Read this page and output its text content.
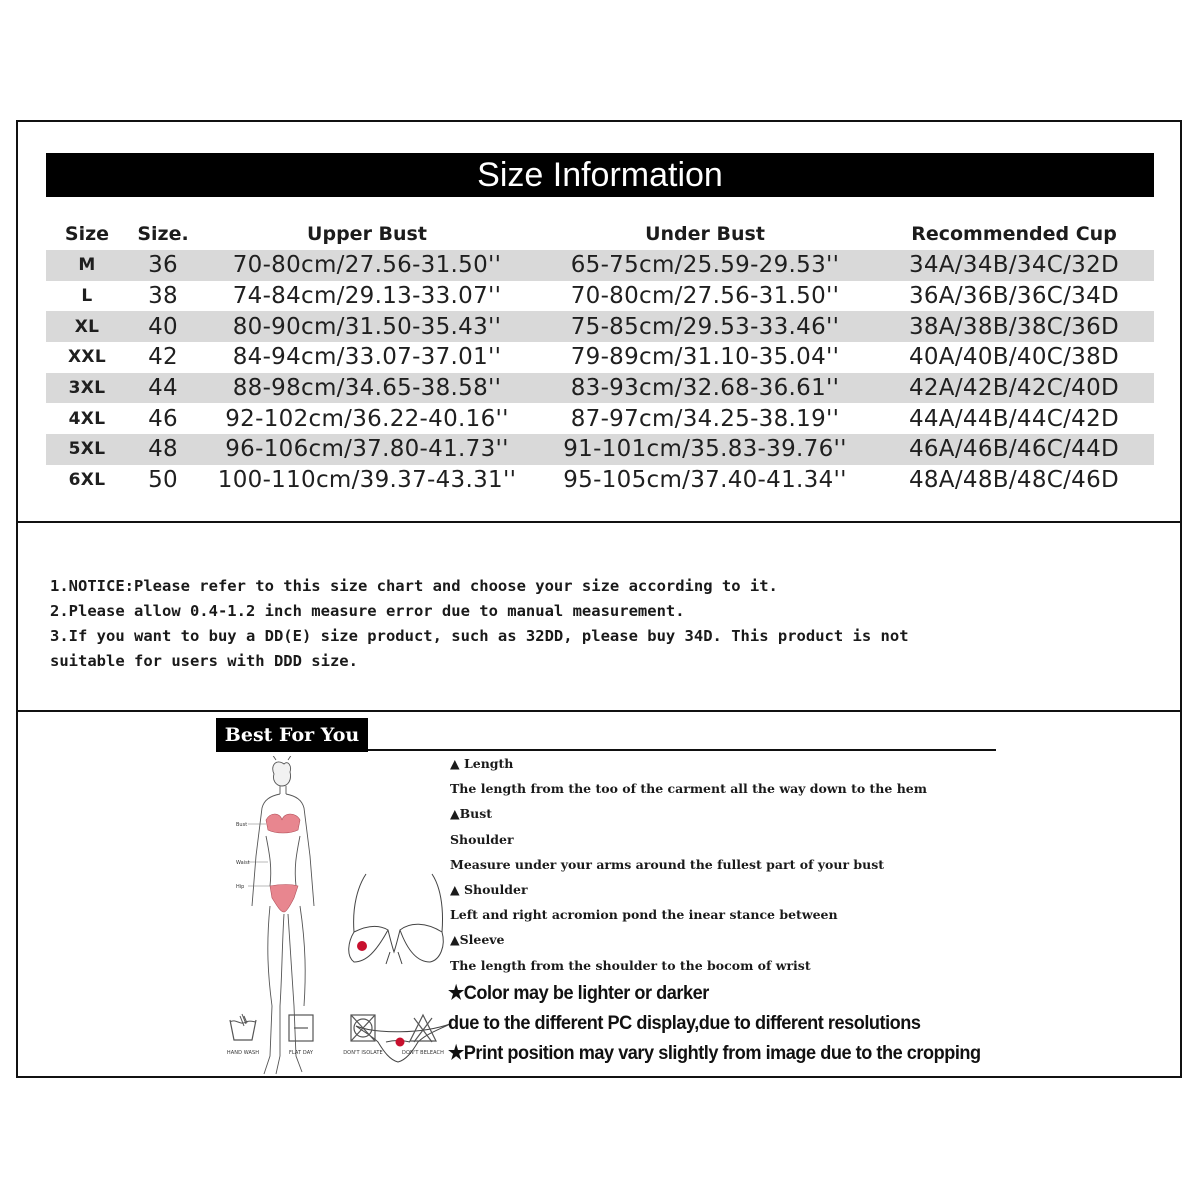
Size Information
Size	Size.	Upper Bust	Under Bust	Recommended Cup
M	36	70-80cm/27.56-31.50''	65-75cm/25.59-29.53''	34A/34B/34C/32D
L	38	74-84cm/29.13-33.07''	70-80cm/27.56-31.50''	36A/36B/36C/34D
XL	40	80-90cm/31.50-35.43''	75-85cm/29.53-33.46''	38A/38B/38C/36D
XXL	42	84-94cm/33.07-37.01''	79-89cm/31.10-35.04''	40A/40B/40C/38D
3XL	44	88-98cm/34.65-38.58''	83-93cm/32.68-36.61''	42A/42B/42C/40D
4XL	46	92-102cm/36.22-40.16''	87-97cm/34.25-38.19''	44A/44B/44C/42D
5XL	48	96-106cm/37.80-41.73''	91-101cm/35.83-39.76''	46A/46B/46C/44D
6XL	50	100-110cm/39.37-43.31''	95-105cm/37.40-41.34''	48A/48B/48C/46D

1.NOTICE:Please refer to this size chart and choose your size according to it.

2.Please allow 0.4-1.2 inch measure error due to manual measurement.

3.If you want to buy a DD(E) size product, such as 32DD, please buy 34D. This product is not

suitable for users with DDD size.

Best For You
Bust
Waist
Hip
▲ Length
The length from the too of the carment all the way down to the hem
▲Bust
Shoulder
Measure under your arms around the fullest part of your bust
▲ Shoulder
Left and right acromion pond the inear stance between
▲Sleeve
The length from the shoulder to the bocom of wrist
★Color may be lighter or darker
due to the different PC display,due to different resolutions
★Print position may vary slightly from image due to the cropping
HAND WASH	FLAT DAY	DON'T ISOLATE	DON'T BELEACH
